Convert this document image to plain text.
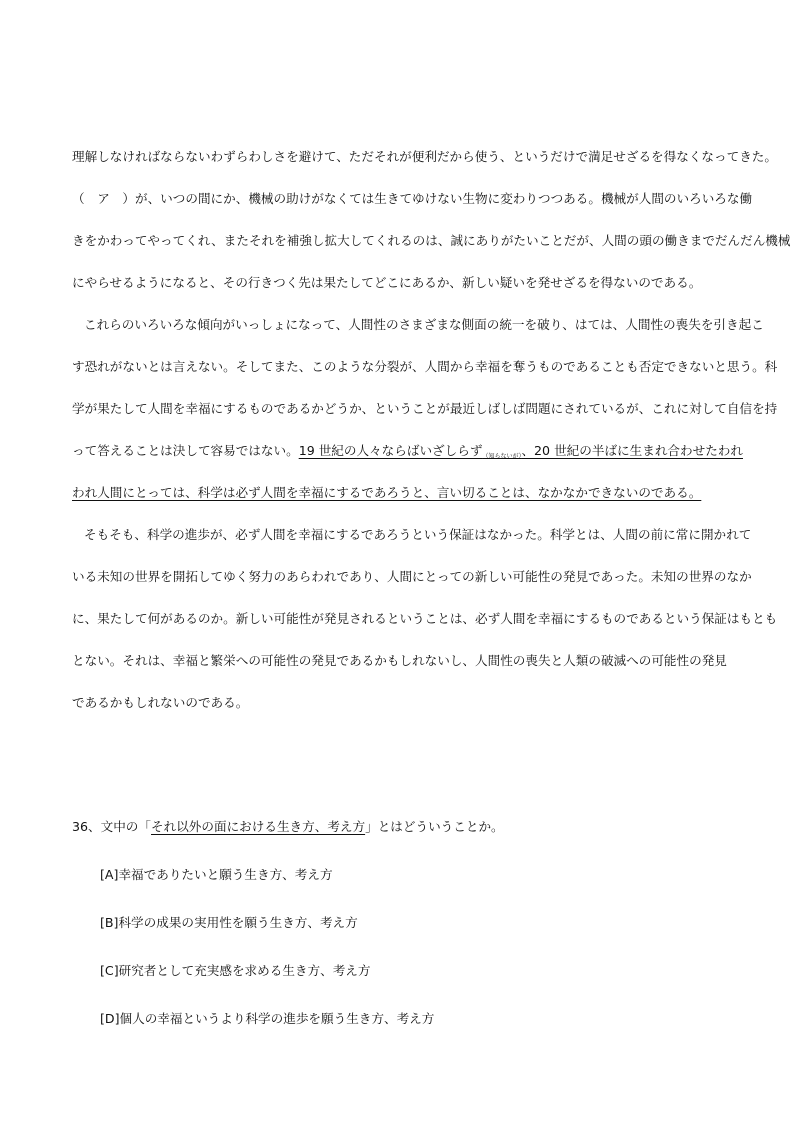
理解しなければならないわずらわしさを避けて、ただそれが便利だから使う、というだけで満足せざるを得なくなってきた。
（　ア　）が、いつの間にか、機械の助けがなくては生きてゆけない生物に変わりつつある。機械が人間のいろいろな働
きをかわってやってくれ、またそれを補強し拡大してくれるのは、誠にありがたいことだが、人間の頭の働きまでだんだん機械
にやらせるようになると、その行きつく先は果たしてどこにあるか、新しい疑いを発せざるを得ないのである。
これらのいろいろな傾向がいっしょになって、人間性のさまざまな側面の統一を破り、はては、人間性の喪失を引き起こ
す恐れがないとは言えない。そしてまた、このような分裂が、人間から幸福を奪うものであることも否定できないと思う。科
学が果たして人間を幸福にするものであるかどうか、ということが最近しばしば問題にされているが、これに対して自信を持
って答えることは決して容易ではない。19 世紀の人々ならばいざしらず$_{(知らないが)}$、20 世紀の半ばに生まれ合わせたわれ
われ人間にとっては、科学は必ず人間を幸福にするであろうと、言い切ることは、なかなかできないのである。
そもそも、科学の進歩が、必ず人間を幸福にするであろうという保証はなかった。科学とは、人間の前に常に開かれて
いる未知の世界を開拓してゆく努力のあらわれであり、人間にとっての新しい可能性の発見であった。未知の世界のなか
に、果たして何があるのか。新しい可能性が発見されるということは、必ず人間を幸福にするものであるという保証はもとも
とない。それは、幸福と繁栄への可能性の発見であるかもしれないし、人間性の喪失と人類の破滅への可能性の発見
であるかもしれないのである。
36、文中の「それ以外の面における生き方、考え方」とはどういうことか。
[A]幸福でありたいと願う生き方、考え方
[B]科学の成果の実用性を願う生き方、考え方
[C]研究者として充実感を求める生き方、考え方
[D]個人の幸福というより科学の進歩を願う生き方、考え方
